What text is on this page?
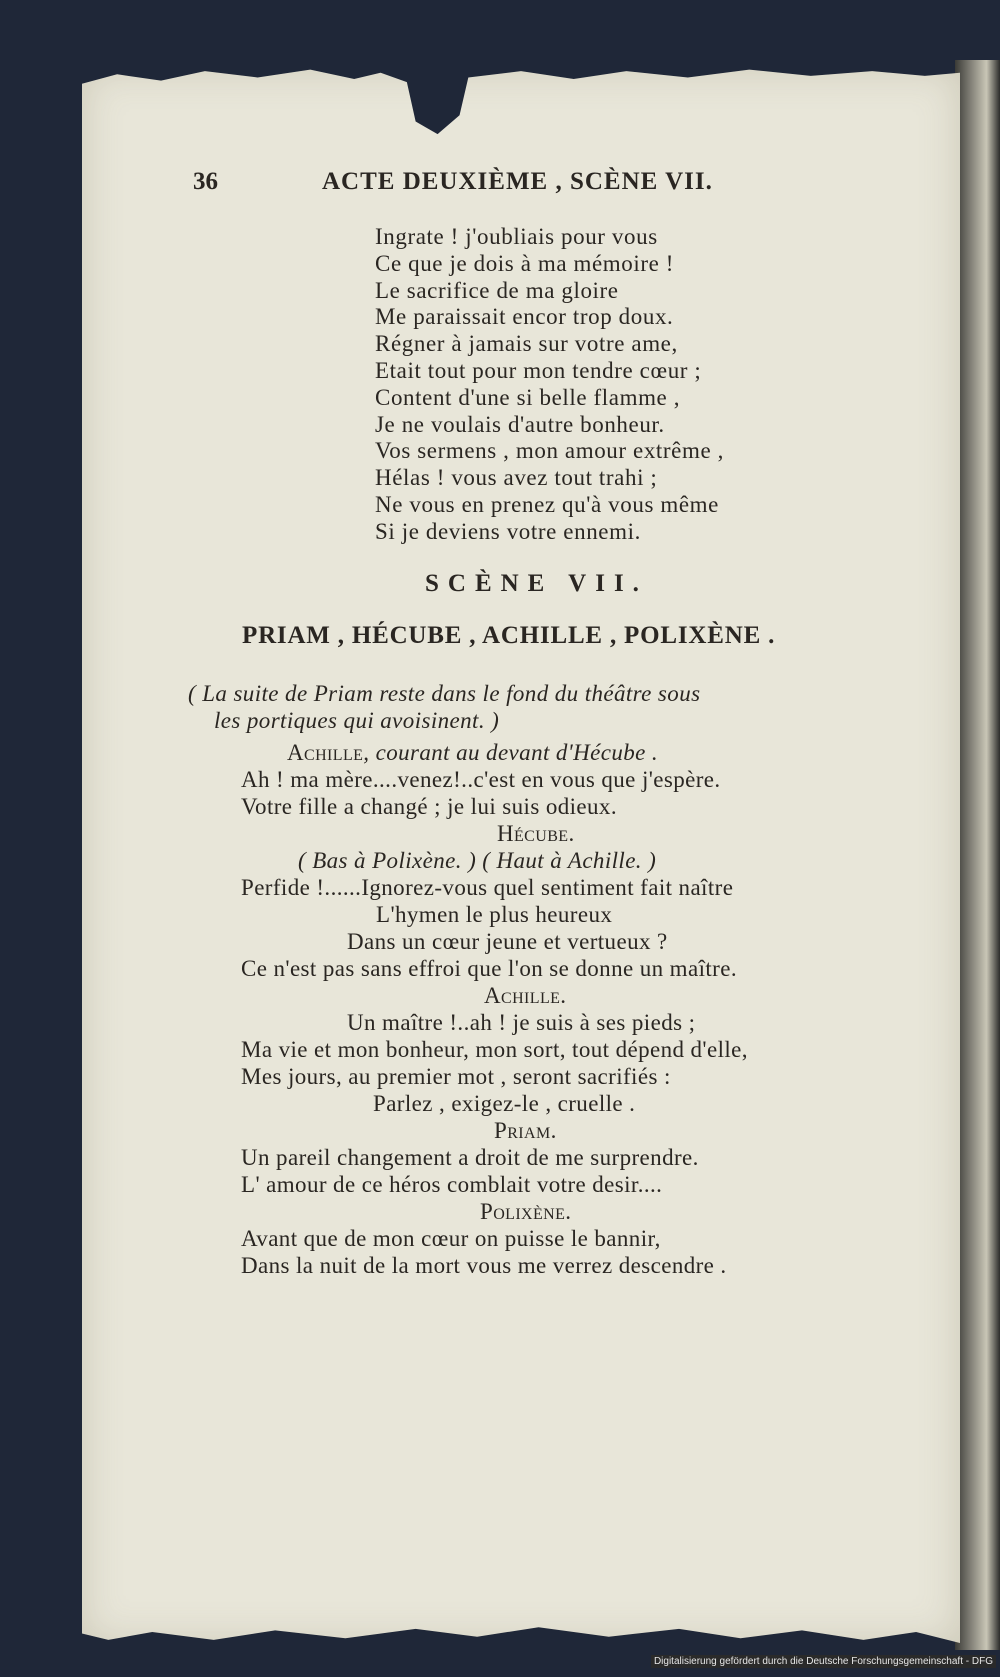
36	ACTE DEUXIÈME , SCÈNE VII.
Ingrate ! j'oubliais pour vous
Ce que je dois à ma mémoire !
Le sacrifice de ma gloire
Me paraissait encor trop doux.
Régner à jamais sur votre ame,
Etait tout pour mon tendre cœur ;
Content d'une si belle flamme ,
Je ne voulais d'autre bonheur.
Vos sermens , mon amour extrême ,
Hélas ! vous avez tout trahi ;
Ne vous en prenez qu'à vous même
Si je deviens votre ennemi.
SCÈNE VII.
PRIAM , HÉCUBE , ACHILLE , POLIXÈNE .
( La suite de Priam reste dans le fond du théâtre sous
les portiques qui avoisinent. )
Achille, courant au devant d'Hécube .
Ah ! ma mère....venez!..c'est en vous que j'espère.
Votre fille a changé ; je lui suis odieux.
Hécube.
( Bas à Polixène. ) ( Haut à Achille. )
Perfide !......Ignorez-vous quel sentiment fait naître
L'hymen le plus heureux
Dans un cœur jeune et vertueux ?
Ce n'est pas sans effroi que l'on se donne un maître.
Achille.
Un maître !..ah ! je suis à ses pieds ;
Ma vie et mon bonheur, mon sort, tout dépend d'elle,
Mes jours, au premier mot , seront sacrifiés :
Parlez , exigez-le , cruelle .
Priam.
Un pareil changement a droit de me surprendre.
L' amour de ce héros comblait votre desir....
Polixène.
Avant que de mon cœur on puisse le bannir,
Dans la nuit de la mort vous me verrez descendre .
Digitalisierung gefördert durch die Deutsche Forschungsgemeinschaft - DFG
